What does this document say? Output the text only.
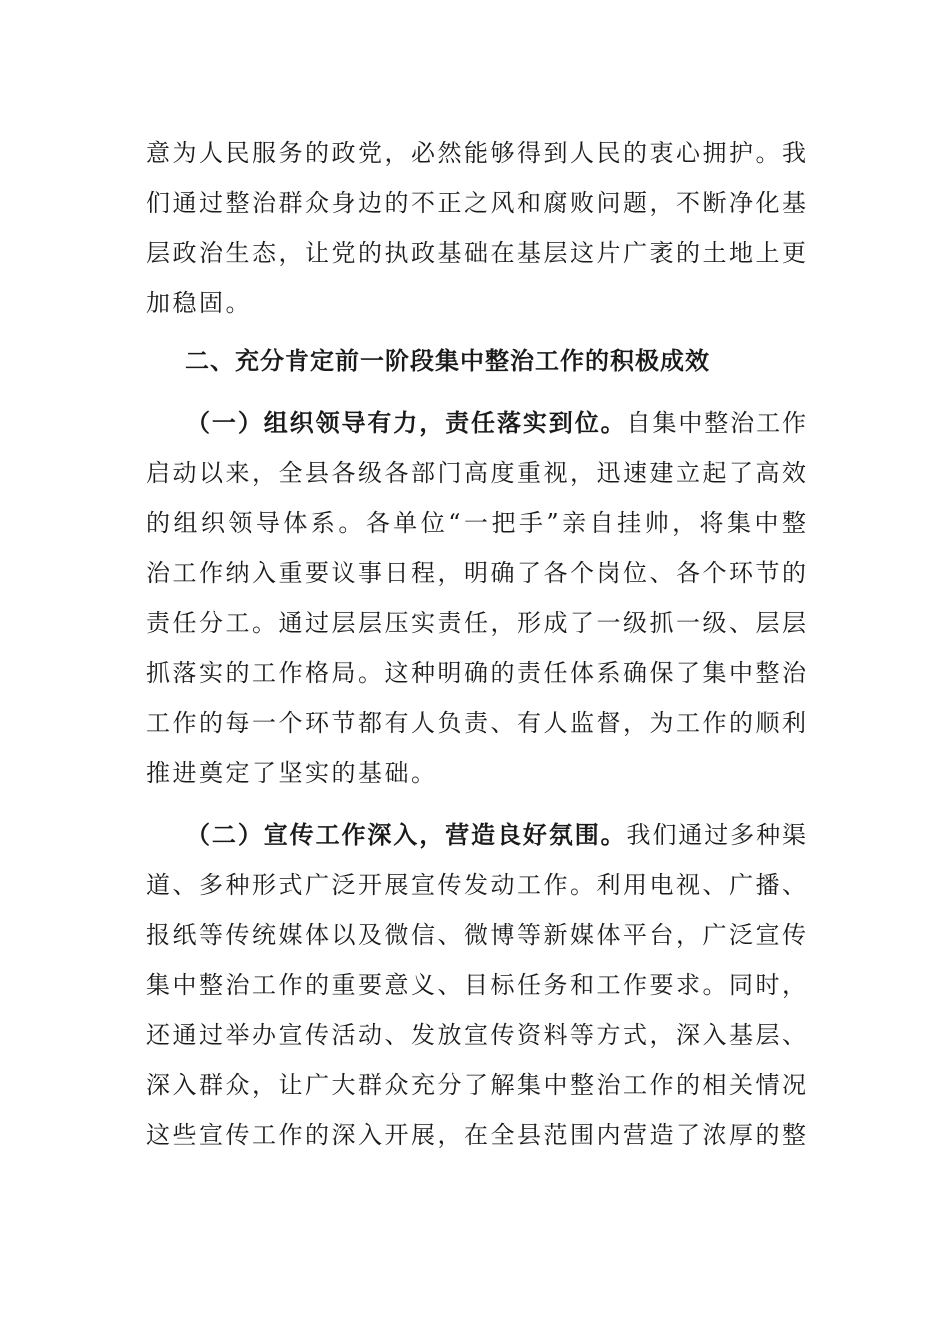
意为人民服务的政党，必然能够得到人民的衷心拥护。我
们通过整治群众身边的不正之风和腐败问题，不断净化基
层政治生态，让党的执政基础在基层这片广袤的土地上更
加稳固。
二、充分肯定前一阶段集中整治工作的积极成效
（一）组织领导有力，责任落实到位。自集中整治工作
启动以来，全县各级各部门高度重视，迅速建立起了高效
的组织领导体系。各单位“一把手”亲自挂帅，将集中整
治工作纳入重要议事日程，明确了各个岗位、各个环节的
责任分工。通过层层压实责任，形成了一级抓一级、层层
抓落实的工作格局。这种明确的责任体系确保了集中整治
工作的每一个环节都有人负责、有人监督，为工作的顺利
推进奠定了坚实的基础。
（二）宣传工作深入，营造良好氛围。我们通过多种渠
道、多种形式广泛开展宣传发动工作。利用电视、广播、
报纸等传统媒体以及微信、微博等新媒体平台，广泛宣传
集中整治工作的重要意义、目标任务和工作要求。同时，
还通过举办宣传活动、发放宣传资料等方式，深入基层、
深入群众，让广大群众充分了解集中整治工作的相关情况
这些宣传工作的深入开展，在全县范围内营造了浓厚的整
